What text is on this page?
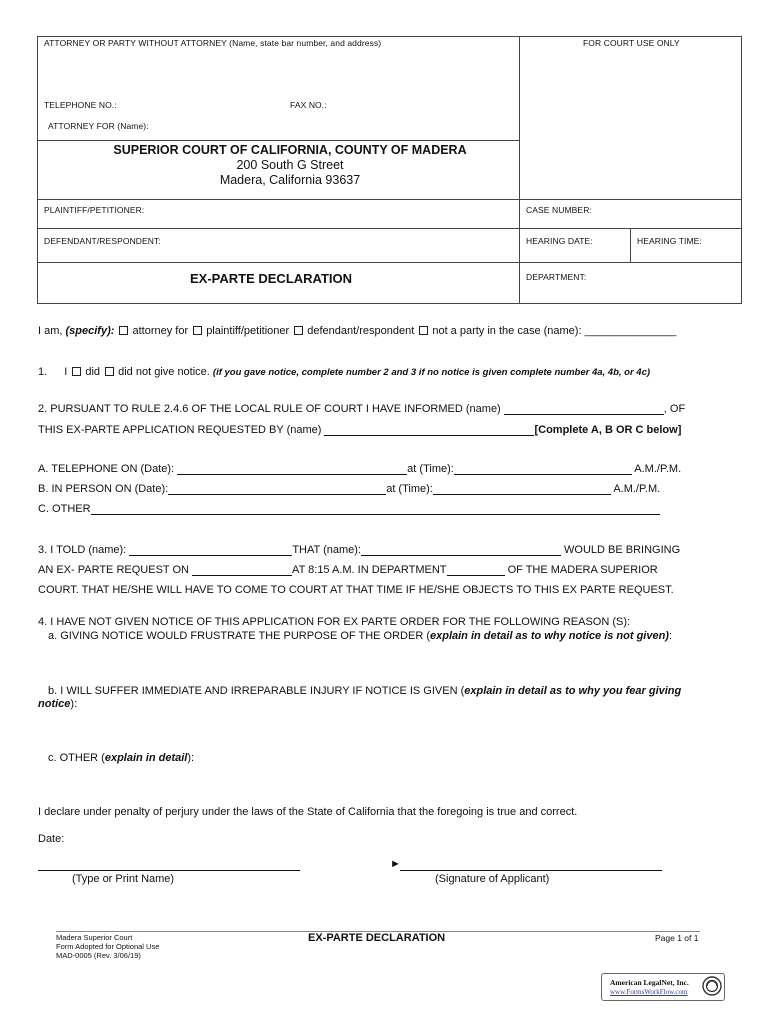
ATTORNEY OR PARTY WITHOUT ATTORNEY (Name, state bar number, and address)	FOR COURT USE ONLY
TELEPHONE NO.:	FAX NO.:
ATTORNEY FOR (Name):
SUPERIOR COURT OF CALIFORNIA, COUNTY OF MADERA
200 South G Street
Madera, California 93637
PLAINTIFF/PETITIONER:	CASE NUMBER:
DEFENDANT/RESPONDENT:	HEARING DATE:	HEARING TIME:
EX-PARTE DECLARATION	DEPARTMENT:
I am, (specify): attorney for plaintiff/petitioner defendant/respondent not a party in the case (name): _______________
1. I did did not give notice. (if you gave notice, complete number 2 and 3 if no notice is given complete number 4a, 4b, or 4c)
2. PURSUANT TO RULE 2.4.6 OF THE LOCAL RULE OF COURT I HAVE INFORMED (name)	, OF
THIS EX-PARTE APPLICATION REQUESTED BY (name)	[Complete A, B OR C below]
A. TELEPHONE ON (Date):	at (Time):	A.M./P.M.
B. IN PERSON ON (Date):	at (Time):	A.M./P.M.
C. OTHER
3. I TOLD (name):	THAT (name):	WOULD BE BRINGING
AN EX- PARTE REQUEST ON	AT 8:15 A.M. IN DEPARTMENT	OF THE MADERA SUPERIOR
COURT. THAT HE/SHE WILL HAVE TO COME TO COURT AT THAT TIME IF HE/SHE OBJECTS TO THIS EX PARTE REQUEST.
4. I HAVE NOT GIVEN NOTICE OF THIS APPLICATION FOR EX PARTE ORDER FOR THE FOLLOWING REASON (S):
a. GIVING NOTICE WOULD FRUSTRATE THE PURPOSE OF THE ORDER (explain in detail as to why notice is not given):
b. I WILL SUFFER IMMEDIATE AND IRREPARABLE INJURY IF NOTICE IS GIVEN (explain in detail as to why you fear giving
notice):
c. OTHER (explain in detail):
I declare under penalty of perjury under the laws of the State of California that the foregoing is true and correct.
Date:
►
(Type or Print Name)	(Signature of Applicant)
Madera Superior Court
Form Adopted for Optional Use
MAD-0005 (Rev. 3/06/19)
EX-PARTE DECLARATION	Page 1 of 1
American LegalNet, Inc.
www.FormsWorkFlow.com
